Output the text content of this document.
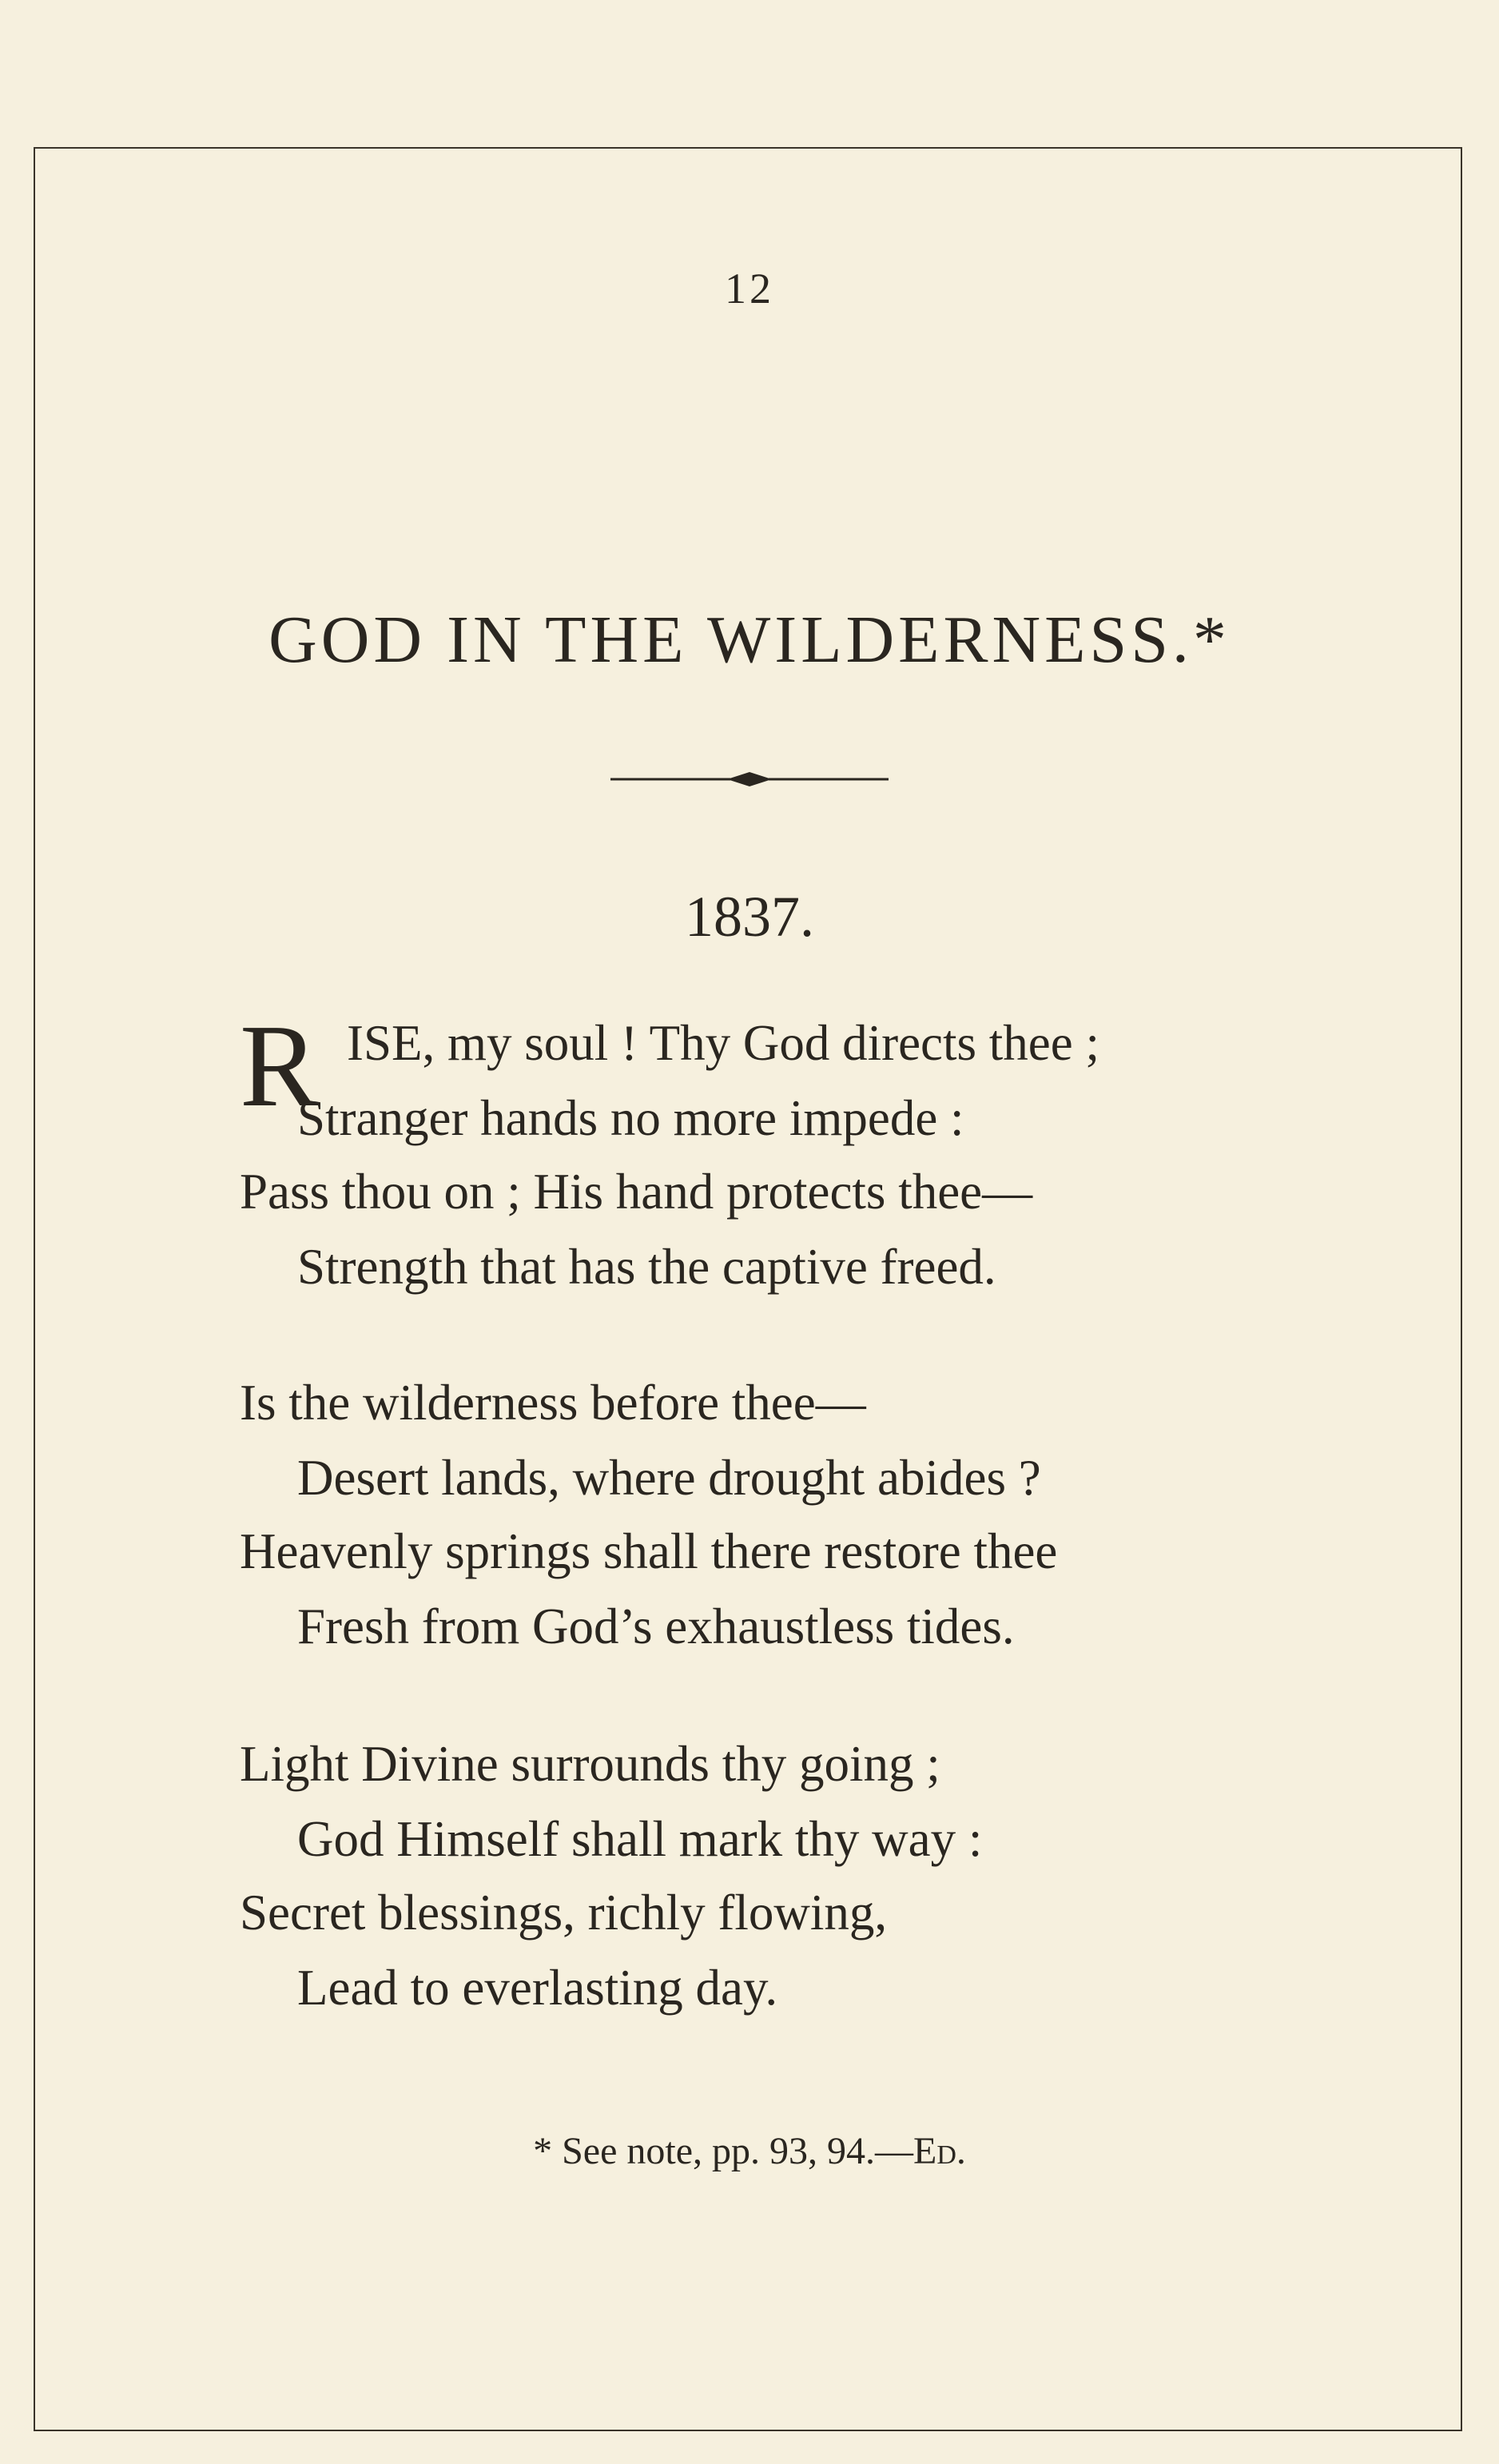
12
GOD IN THE WILDERNESS.*
1837.
R ISE, my soul ! Thy God directs thee ;
Stranger hands no more impede :
Pass thou on ; His hand protects thee—
Strength that has the captive freed.
Is the wilderness before thee—
Desert lands, where drought abides ?
Heavenly springs shall there restore thee
Fresh from God’s exhaustless tides.
Light Divine surrounds thy going ;
God Himself shall mark thy way :
Secret blessings, richly flowing,
Lead to everlasting day.
* See note, pp. 93, 94.—Ed.
